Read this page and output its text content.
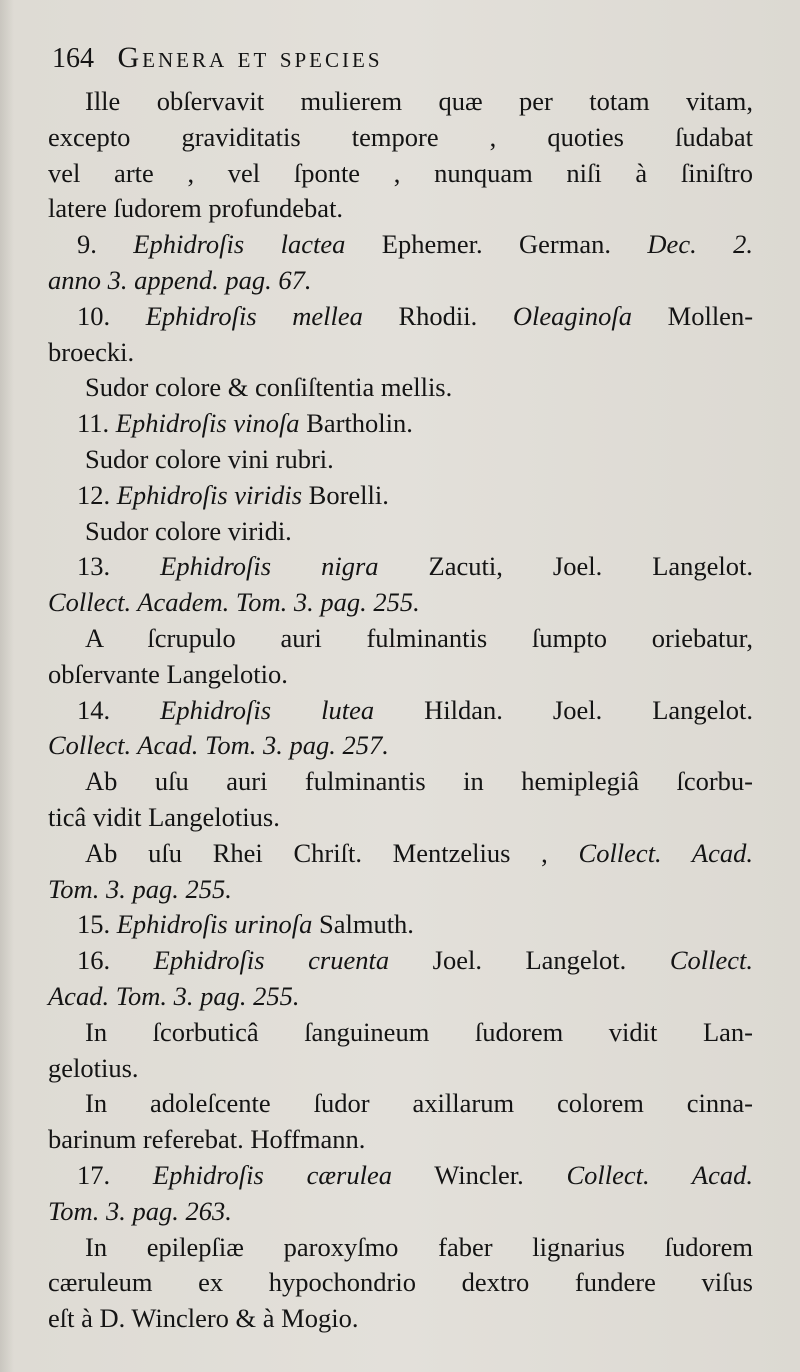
164 Genera et species
Ille obſervavit mulierem quæ per totam vitam,
excepto graviditatis tempore , quoties ſudabat
vel arte , vel ſponte , nunquam niſi à ſiniſtro
latere ſudorem profundebat.
9. Ephidroſis lactea Ephemer. German. Dec. 2.
anno 3. append. pag. 67.
10. Ephidroſis mellea Rhodii. Oleaginoſa Mollen-
broecki.
Sudor colore & conſiſtentia mellis.
11. Ephidroſis vinoſa Bartholin.
Sudor colore vini rubri.
12. Ephidroſis viridis Borelli.
Sudor colore viridi.
13. Ephidroſis nigra Zacuti, Joel. Langelot.
Collect. Academ. Tom. 3. pag. 255.
A ſcrupulo auri fulminantis ſumpto oriebatur,
obſervante Langelotio.
14. Ephidroſis lutea Hildan. Joel. Langelot.
Collect. Acad. Tom. 3. pag. 257.
Ab uſu auri fulminantis in hemiplegiâ ſcorbu-
ticâ vidit Langelotius.
Ab uſu Rhei Chriſt. Mentzelius , Collect. Acad.
Tom. 3. pag. 255.
15. Ephidroſis urinoſa Salmuth.
16. Ephidroſis cruenta Joel. Langelot. Collect.
Acad. Tom. 3. pag. 255.
In ſcorbuticâ ſanguineum ſudorem vidit Lan-
gelotius.
In adoleſcente ſudor axillarum colorem cinna-
barinum referebat. Hoffmann.
17. Ephidroſis cærulea Wincler. Collect. Acad.
Tom. 3. pag. 263.
In epilepſiæ paroxyſmo faber lignarius ſudorem
cæruleum ex hypochondrio dextro fundere viſus
eſt à D. Winclero & à Mogio.
